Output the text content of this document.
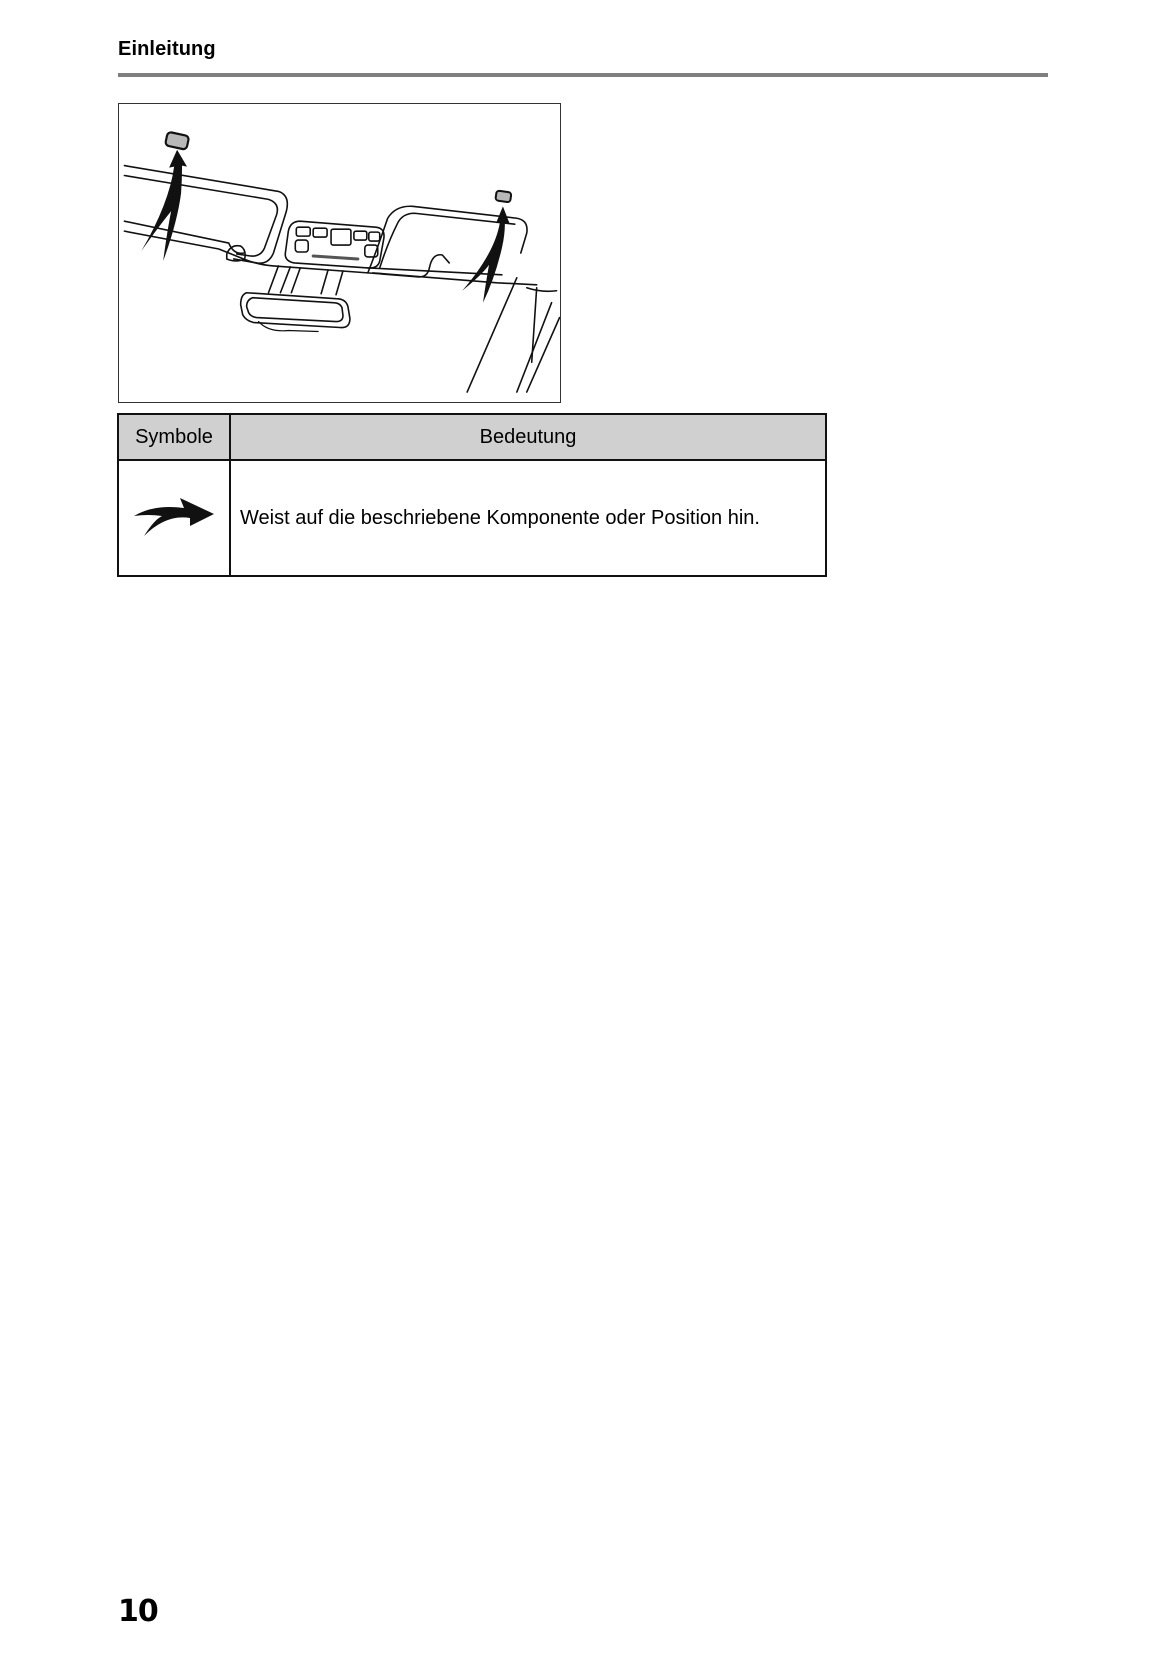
Einleitung
Symbole	Bedeutung
	Weist auf die beschriebene Komponente oder Position hin.
10
